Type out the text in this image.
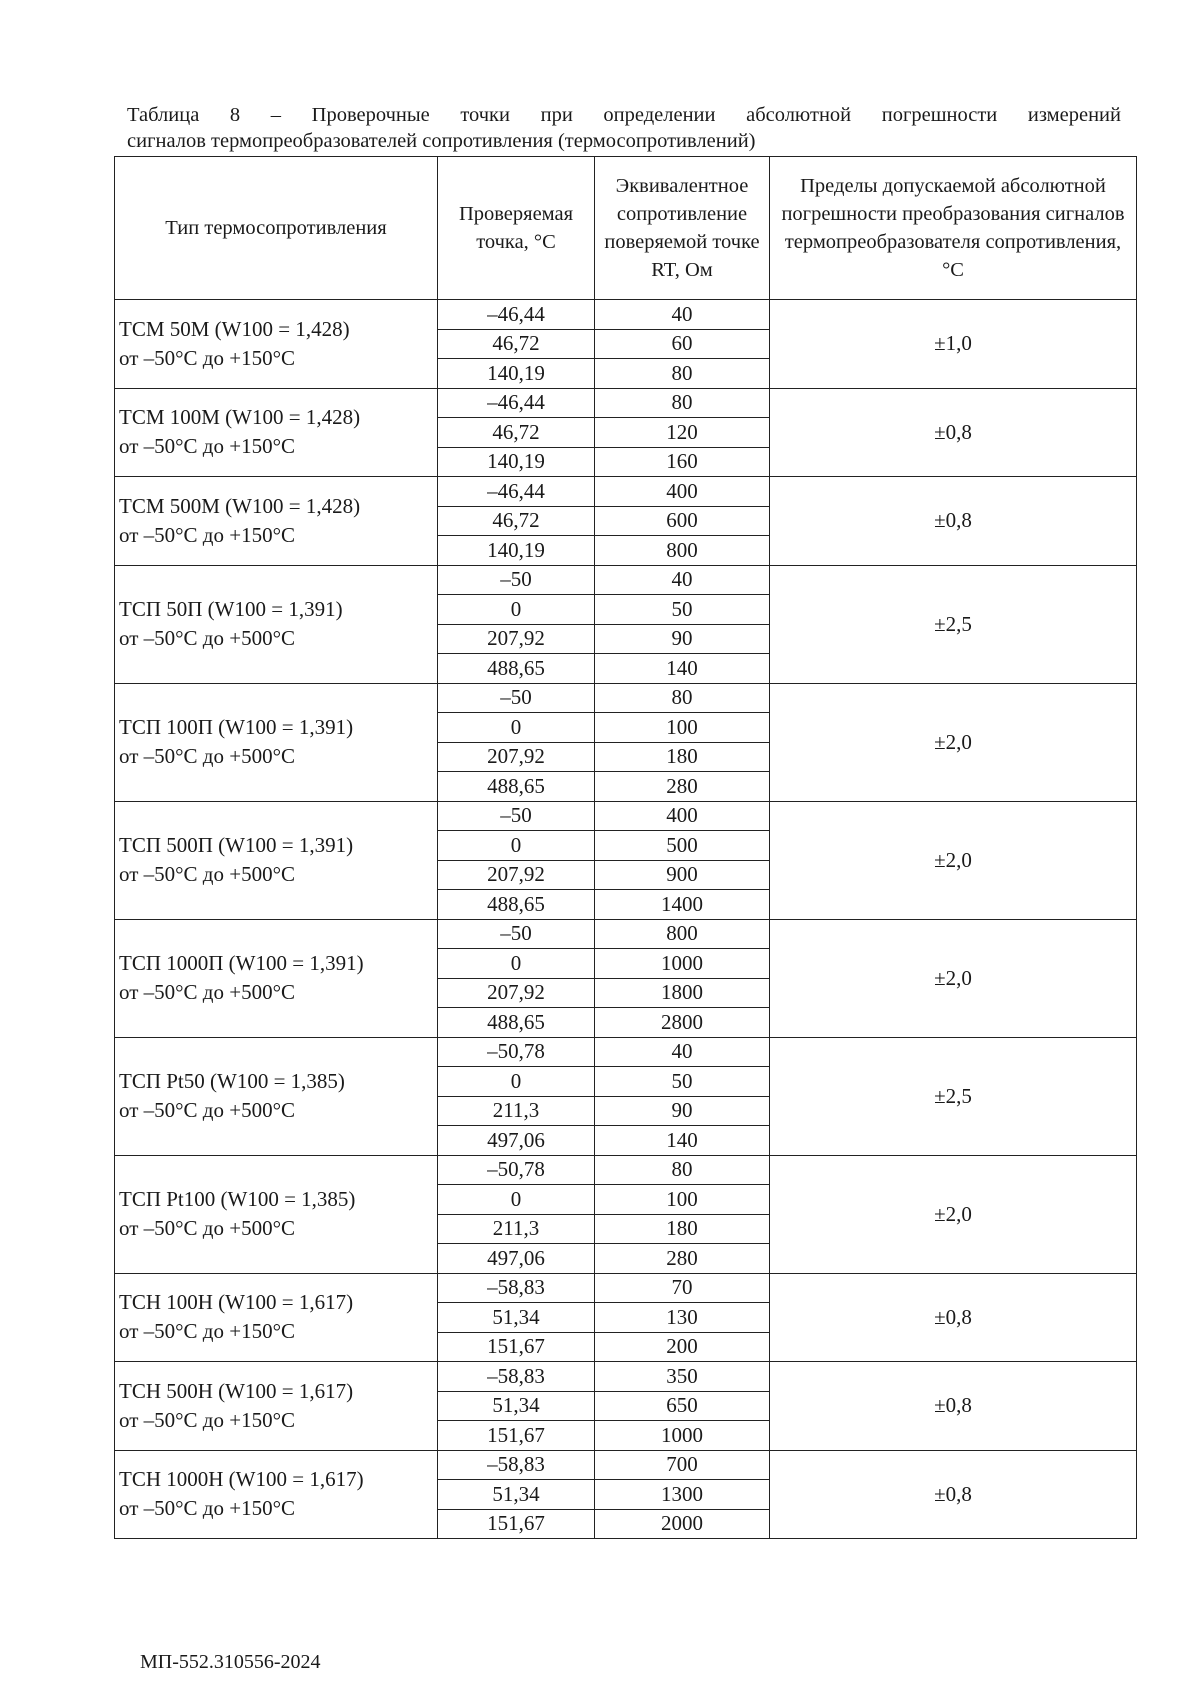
Таблица 8 – Проверочные точки при определении абсолютной погрешности измерений
сигналов термопреобразователей сопротивления (термосопротивлений)
Тип термосопротивления	Проверяемая точка, °С	Эквивалентное сопротивление поверяемой точке RT, Ом	Пределы допускаемой абсолютной погрешности преобразования сигналов термопреобразователя сопротивления, °С

ТСМ 50М (W100 = 1,428)
от –50°С до +150°С	–46,44	40	±1,0
	46,72	60	
	140,19	80	

ТСМ 100М (W100 = 1,428)
от –50°С до +150°С	–46,44	80	±0,8
	46,72	120	
	140,19	160	

ТСМ 500М (W100 = 1,428)
от –50°С до +150°С	–46,44	400	±0,8
	46,72	600	
	140,19	800	

ТСП 50П (W100 = 1,391)
от –50°С до +500°С	–50	40	±2,5
	0	50	
	207,92	90	
	488,65	140	

ТСП 100П (W100 = 1,391)
от –50°С до +500°С	–50	80	±2,0
	0	100	
	207,92	180	
	488,65	280	

ТСП 500П (W100 = 1,391)
от –50°С до +500°С	–50	400	±2,0
	0	500	
	207,92	900	
	488,65	1400	

ТСП 1000П (W100 = 1,391)
от –50°С до +500°С	–50	800	±2,0
	0	1000	
	207,92	1800	
	488,65	2800	

ТСП Pt50 (W100 = 1,385)
от –50°С до +500°С	–50,78	40	±2,5
	0	50	
	211,3	90	
	497,06	140	

ТСП Pt100 (W100 = 1,385)
от –50°С до +500°С	–50,78	80	±2,0
	0	100	
	211,3	180	
	497,06	280	

ТСН 100Н (W100 = 1,617)
от –50°С до +150°С	–58,83	70	±0,8
	51,34	130	
	151,67	200	

ТСН 500Н (W100 = 1,617)
от –50°С до +150°С	–58,83	350	±0,8
	51,34	650	
	151,67	1000	

ТСН 1000Н (W100 = 1,617)
от –50°С до +150°С	–58,83	700	±0,8
	51,34	1300	
	151,67	2000	
МП-552.310556-2024
